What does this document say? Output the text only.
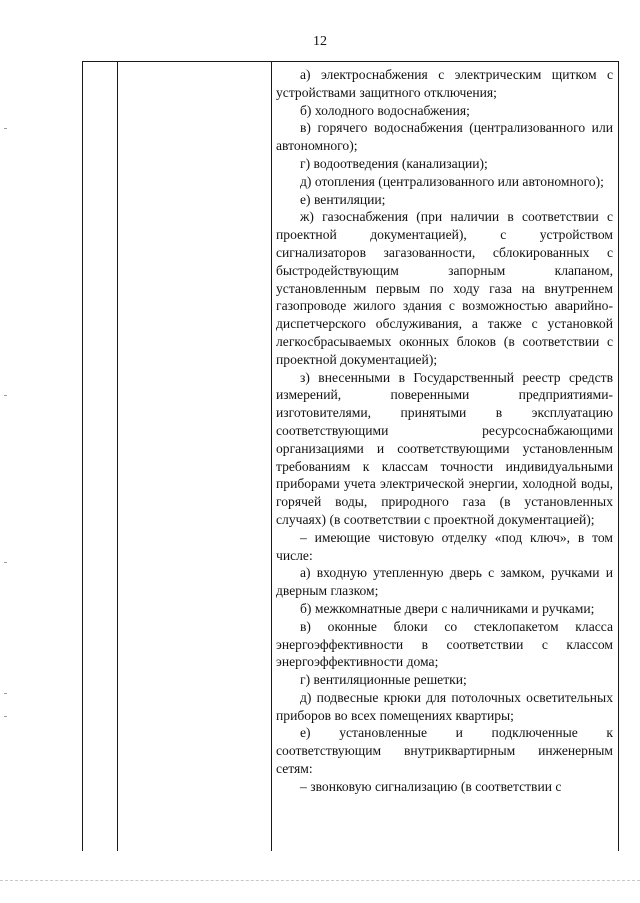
12

а) электроснабжения с электрическим щитком с устройствами защитного отключения;

б) холодного водоснабжения;

в) горячего водоснабжения (централизованного или автономного);

г) водоотведения (канализации);

д) отопления (централизованного или автономного);

е) вентиляции;

ж) газоснабжения (при наличии в соответствии с проектной документацией), с устройством сигнализаторов загазованности, сблокированных с быстродействующим запорным клапаном, установленным первым по ходу газа на внутреннем газопроводе жилого здания с возможностью аварийно-диспетчерского обслуживания, а также с установкой легкосбрасываемых оконных блоков (в соответствии с проектной документацией);

з) внесенными в Государственный реестр средств измерений, поверенными предприятиями-изготовителями, принятыми в эксплуатацию соответствующими ресурсоснабжающими организациями и соответствующими установленным требованиям к классам точности индивидуальными приборами учета электрической энергии, холодной воды, горячей воды, природного газа (в установленных случаях) (в соответствии с проектной документацией);

– имеющие чистовую отделку «под ключ», в том числе:

а) входную утепленную дверь с замком, ручками и дверным глазком;

б) межкомнатные двери с наличниками и ручками;

в) оконные блоки со стеклопакетом класса энергоэффективности в соответствии с классом энергоэффективности дома;

г) вентиляционные решетки;

д) подвесные крюки для потолочных осветительных приборов во всех помещениях квартиры;

е) установленные и подключенные к соответствующим внутриквартирным инженерным сетям:

– звонковую сигнализацию (в соответствии с
